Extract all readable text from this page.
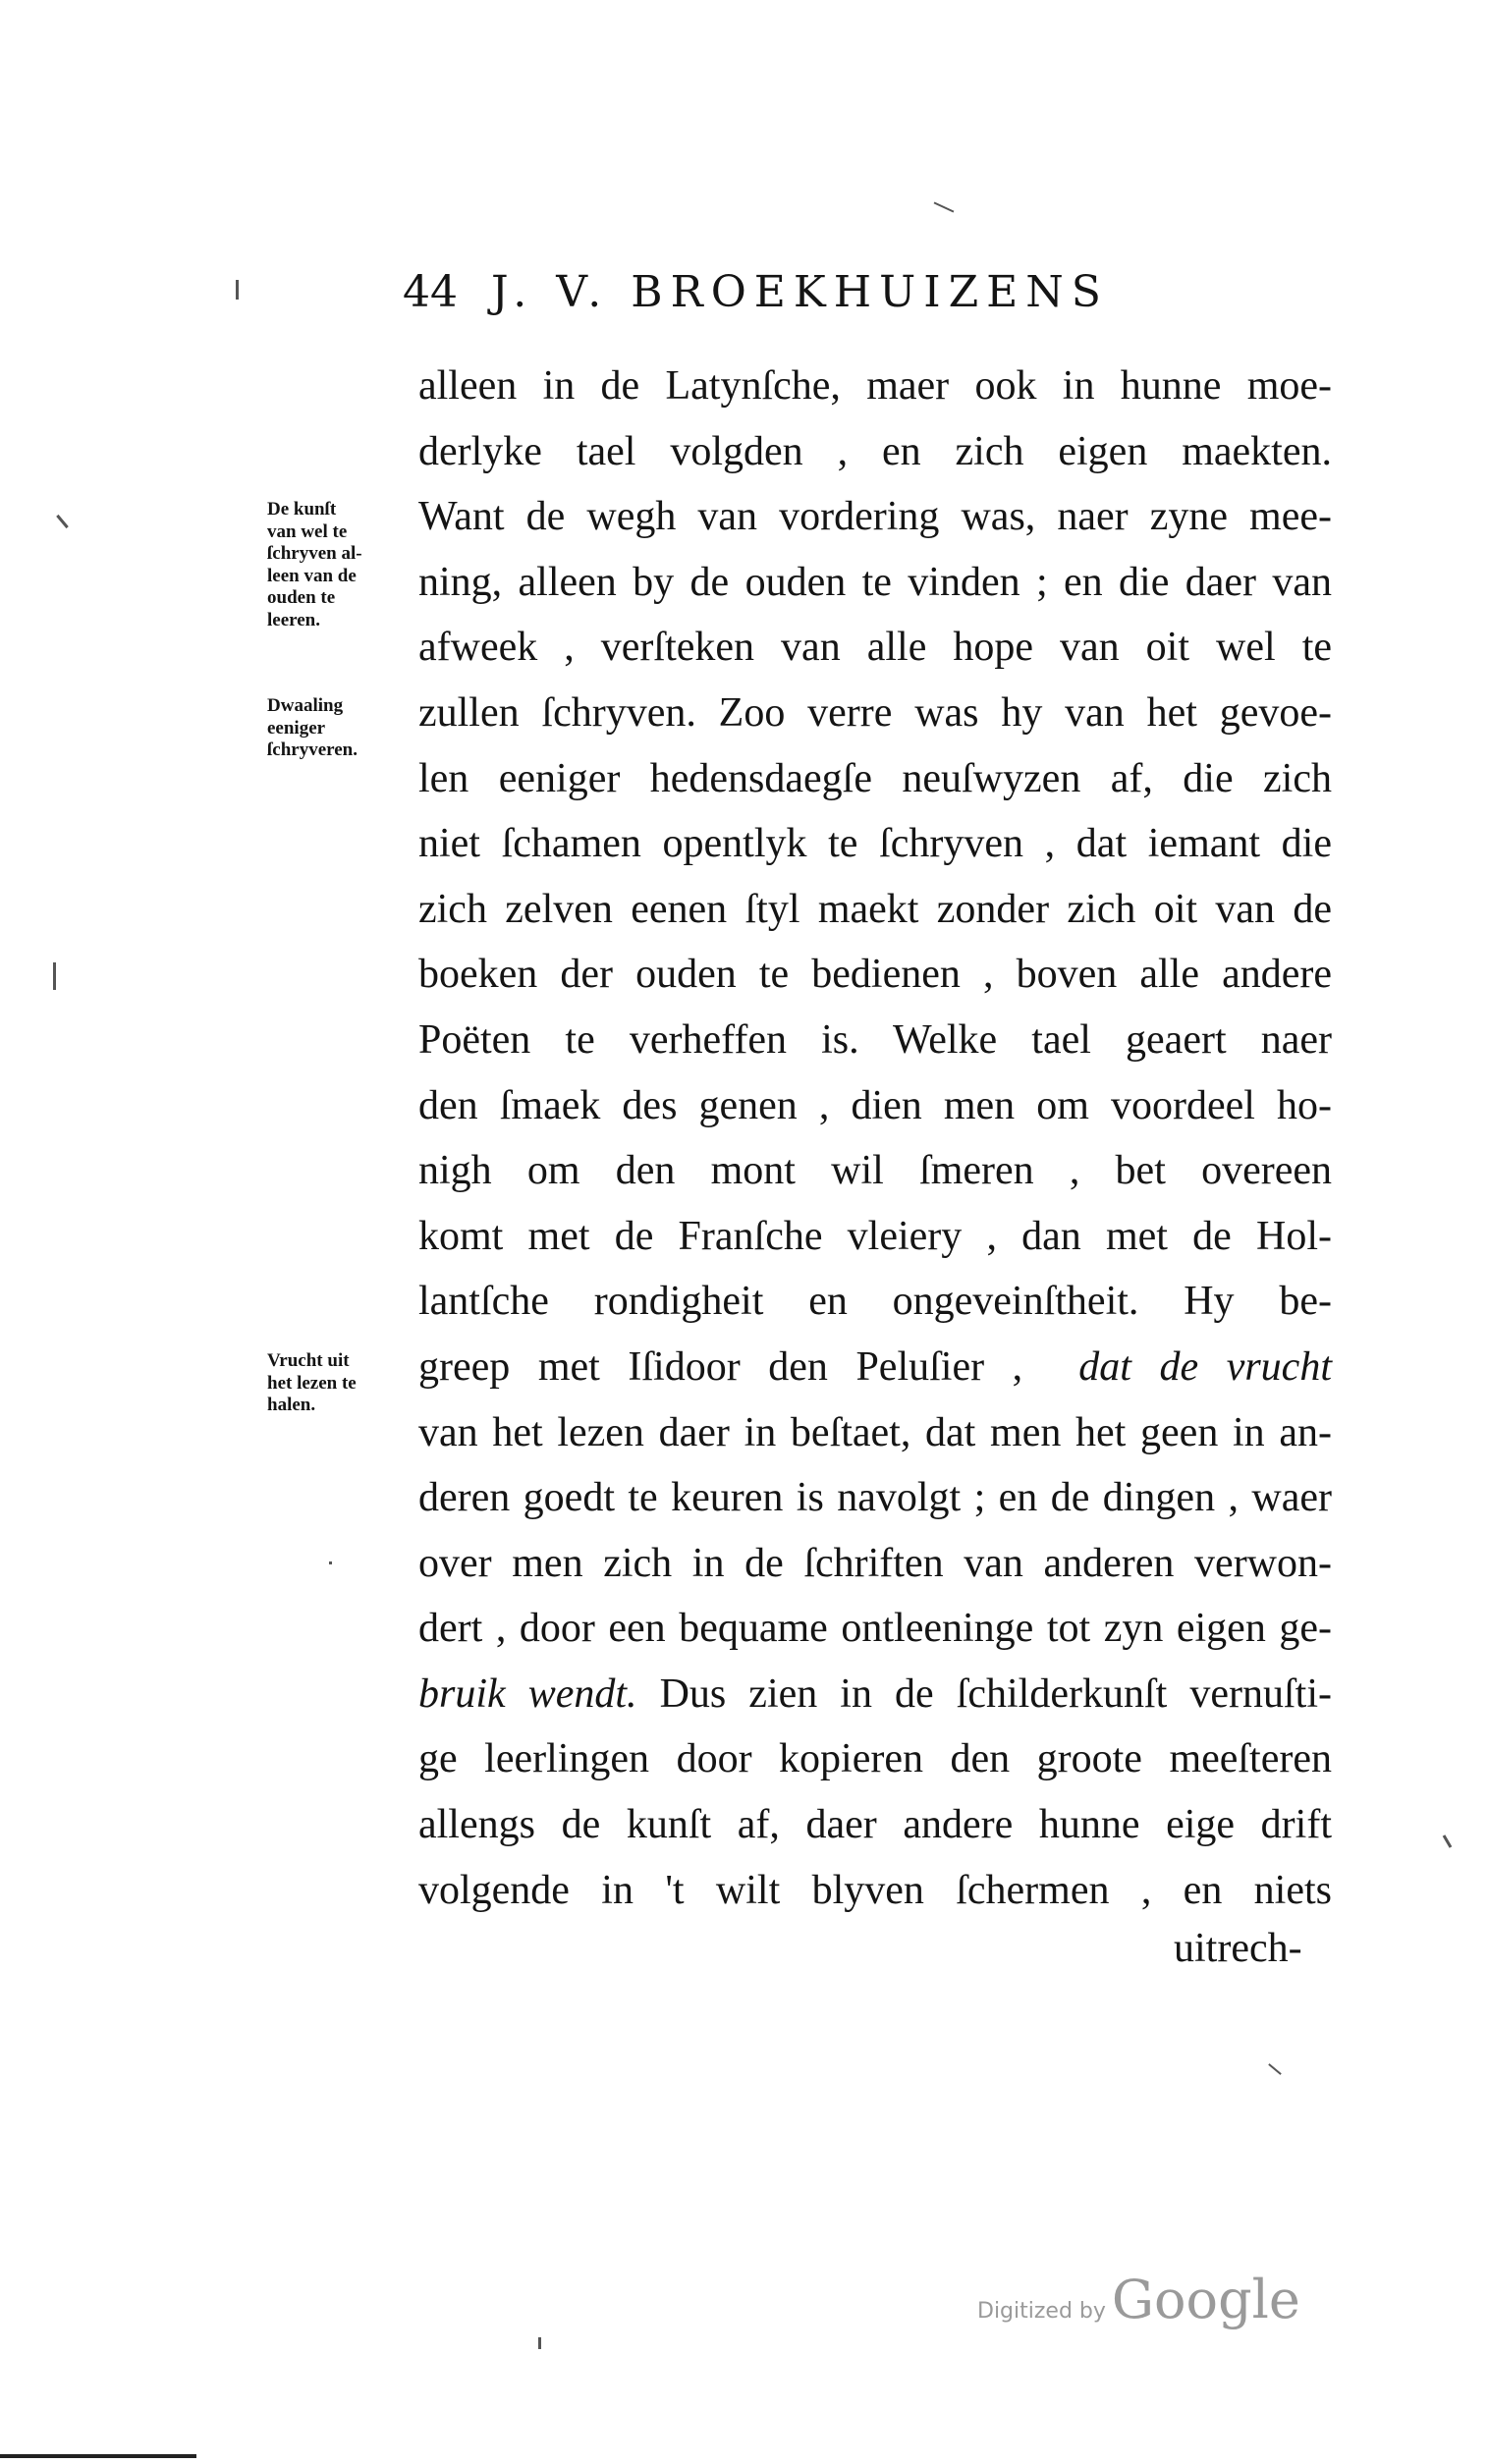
44 J. V. BROEKHUIZENS
De kunſt
van wel te
ſchryven al-
leen van de
ouden te
leeren.
Dwaaling
eeniger
ſchryveren.
Vrucht uit
het lezen te
halen.
alleen in de Latynſche, maer ook in hunne moe-
derlyke tael volgden , en zich eigen maekten.
Want de wegh van vordering was, naer zyne mee-
ning, alleen by de ouden te vinden ; en die daer van
afweek , verſteken van alle hope van oit wel te
zullen ſchryven. Zoo verre was hy van het gevoe-
len eeniger hedensdaegſe neuſwyzen af, die zich
niet ſchamen opentlyk te ſchryven , dat iemant die
zich zelven eenen ſtyl maekt zonder zich oit van de
boeken der ouden te bedienen , boven alle andere
Poëten te verheffen is. Welke tael geaert naer
den ſmaek des genen , dien men om voordeel ho-
nigh om den mont wil ſmeren , bet overeen
komt met de Franſche vleiery , dan met de Hol-
lantſche rondigheit en ongeveinſtheit. Hy be-
greep met Iſidoor den Peluſier , dat de vrucht
van het lezen daer in beſtaet, dat men het geen in an-
deren goedt te keuren is navolgt ; en de dingen , waer
over men zich in de ſchriften van anderen verwon-
dert , door een bequame ontleeninge tot zyn eigen ge-
bruik wendt. Dus zien in de ſchilderkunſt vernuſti-
ge leerlingen door kopieren den groote meeſteren
allengs de kunſt af, daer andere hunne eige drift
volgende in 't wilt blyven ſchermen , en niets
uitrech-
Digitized by Google
